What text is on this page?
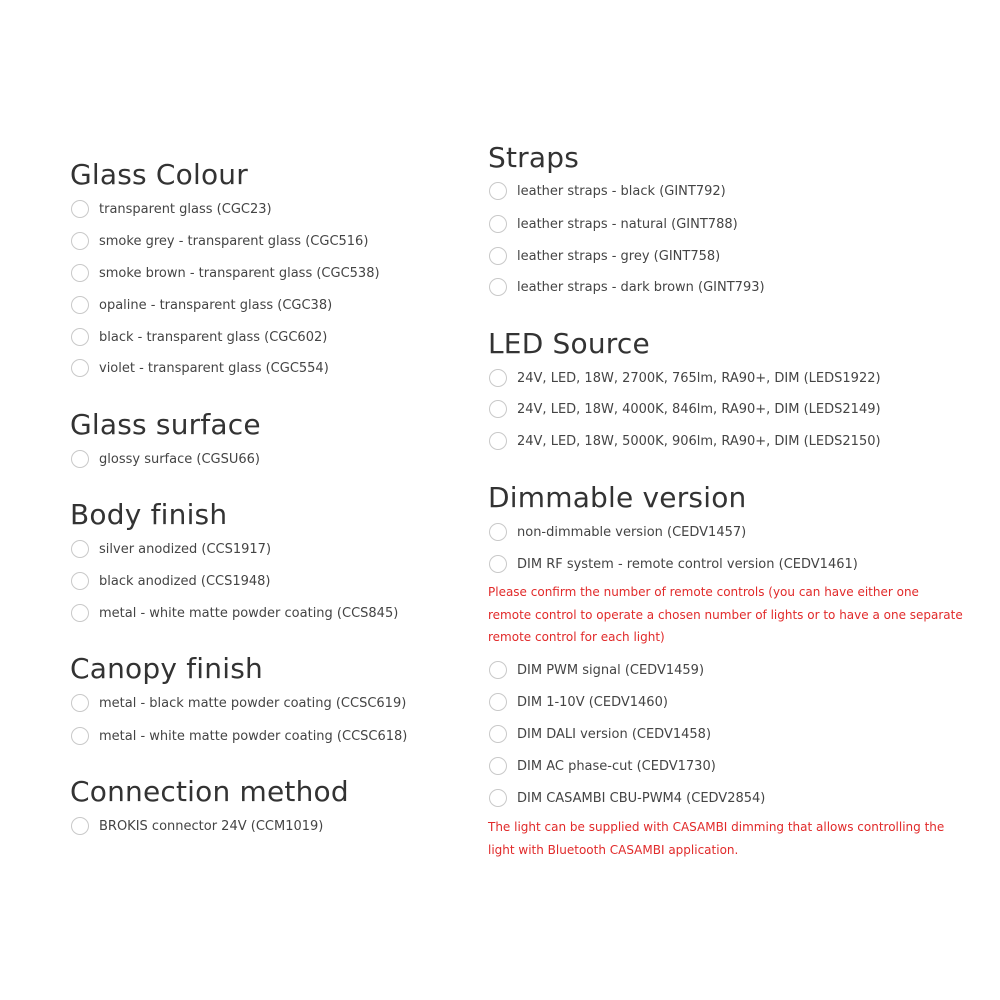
Glass Colour
transparent glass (CGC23)
smoke grey - transparent glass (CGC516)
smoke brown - transparent glass (CGC538)
opaline - transparent glass (CGC38)
black - transparent glass (CGC602)
violet - transparent glass (CGC554)
Glass surface
glossy surface (CGSU66)
Body finish
silver anodized (CCS1917)
black anodized (CCS1948)
metal - white matte powder coating (CCS845)
Canopy finish
metal - black matte powder coating (CCSC619)
metal - white matte powder coating (CCSC618)
Connection method
BROKIS connector 24V (CCM1019)
Straps
leather straps - black (GINT792)
leather straps - natural (GINT788)
leather straps - grey (GINT758)
leather straps - dark brown (GINT793)
LED Source
24V, LED, 18W, 2700K, 765lm, RA90+, DIM (LEDS1922)
24V, LED, 18W, 4000K, 846lm, RA90+, DIM (LEDS2149)
24V, LED, 18W, 5000K, 906lm, RA90+, DIM (LEDS2150)
Dimmable version
non-dimmable version (CEDV1457)
DIM RF system - remote control version (CEDV1461)

Please confirm the number of remote controls (you can have either one remote control to operate a chosen number of lights or to have a one separate remote control for each light)

DIM PWM signal (CEDV1459)
DIM 1-10V (CEDV1460)
DIM DALI version (CEDV1458)
DIM AC phase-cut (CEDV1730)
DIM CASAMBI CBU-PWM4 (CEDV2854)

The light can be supplied with CASAMBI dimming that allows controlling the light with Bluetooth CASAMBI application.
